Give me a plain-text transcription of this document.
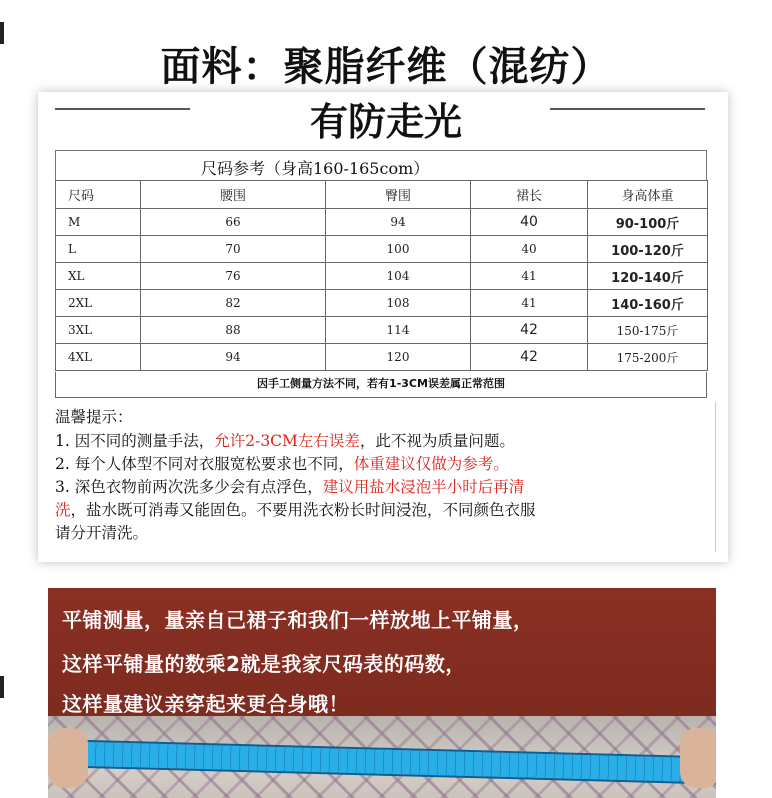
面料：聚脂纤维（混纺）
有防走光
尺码参考（身高160-165com）
尺码	腰围	臀围	裙长	身高体重
M	66	94	40	90-100斤
L	70	100	40	100-120斤
XL	76	104	41	120-140斤
2XL	82	108	41	140-160斤
3XL	88	114	42	150-175斤
4XL	94	120	42	175-200斤
因手工侧量方法不同，若有1-3CM误差属正常范围
温馨提示：
1. 因不同的测量手法，允许2-3CM左右误差，此不视为质量问题。
2. 每个人体型不同对衣服宽松要求也不同，体重建议仅做为参考。
3. 深色衣物前两次洗多少会有点浮色，建议用盐水浸泡半小时后再清
洗，盐水既可消毒又能固色。不要用洗衣粉长时间浸泡，不同颜色衣服
请分开清洗。
平铺测量，量亲自己裙子和我们一样放地上平铺量，
这样平铺量的数乘2就是我家尺码表的码数，
这样量建议亲穿起来更合身哦！
